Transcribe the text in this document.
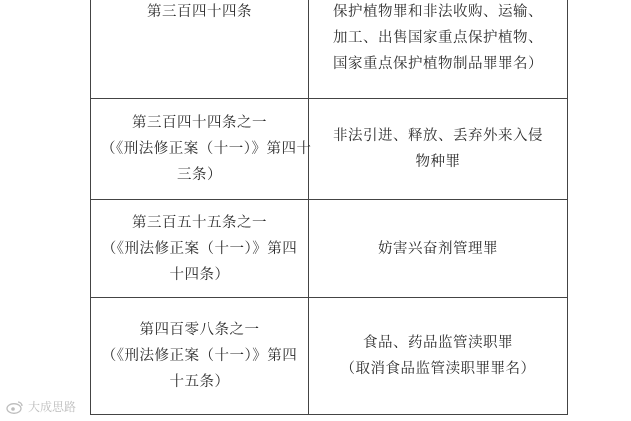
第三百四十四条	保护植物罪和非法收购、运输、
加工、出售国家重点保护植物、
国家重点保护植物制品罪罪名）

第三百四十四条之一
（《刑法修正案（十一）》第四十
三条）	非法引进、释放、丢弃外来入侵
物种罪

第三百五十五条之一
（《刑法修正案（十一）》第四
十四条）	妨害兴奋剂管理罪

第四百零八条之一
（《刑法修正案（十一）》第四
十五条）	食品、药品监管渎职罪
（取消食品监管渎职罪罪名）
大成思路
